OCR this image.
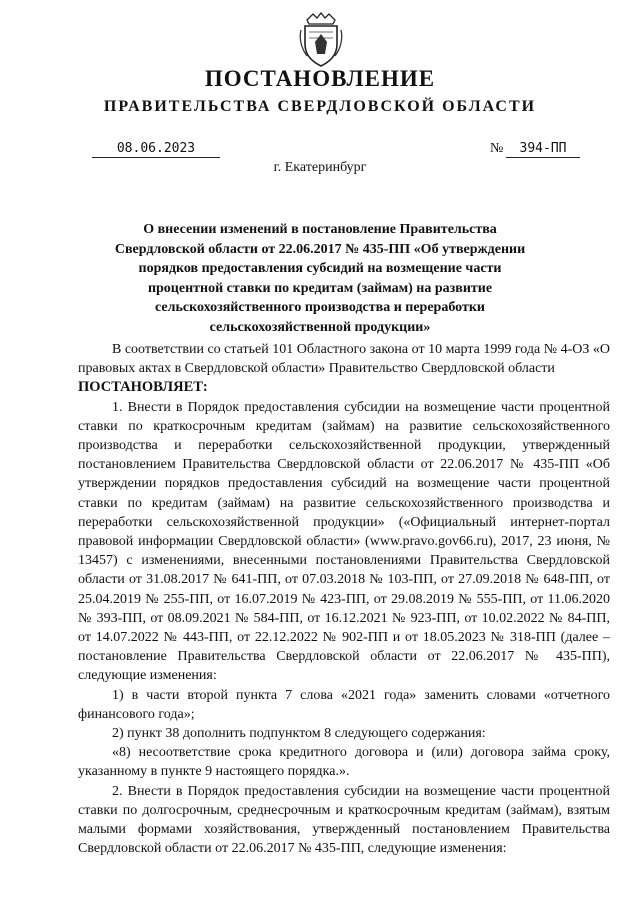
ПОСТАНОВЛЕНИЕ
ПРАВИТЕЛЬСТВА СВЕРДЛОВСКОЙ ОБЛАСТИ
08.06.2023	№	394-ПП
г. Екатеринбург
О внесении изменений в постановление Правительства Свердловской области от 22.06.2017 № 435-ПП «Об утверждении порядков предоставления субсидий на возмещение части процентной ставки по кредитам (займам) на развитие сельскохозяйственного производства и переработки сельскохозяйственной продукции»

В соответствии со статьей 101 Областного закона от 10 марта 1999 года № 4-ОЗ «О правовых актах в Свердловской области» Правительство Свердловской области

ПОСТАНОВЛЯЕТ:

1. Внести в Порядок предоставления субсидии на возмещение части процентной ставки по краткосрочным кредитам (займам) на развитие сельскохозяйственного производства и переработки сельскохозяйственной продукции, утвержденный постановлением Правительства Свердловской области от 22.06.2017 № 435-ПП «Об утверждении порядков предоставления субсидий на возмещение части процентной ставки по кредитам (займам) на развитие сельскохозяйственного производства и переработки сельскохозяйственной продукции» («Официальный интернет-портал правовой информации Свердловской области» (www.pravo.gov66.ru), 2017, 23 июня, № 13457) с изменениями, внесенными постановлениями Правительства Свердловской области от 31.08.2017 № 641-ПП, от 07.03.2018 № 103-ПП, от 27.09.2018 № 648-ПП, от 25.04.2019 № 255-ПП, от 16.07.2019 № 423-ПП, от 29.08.2019 № 555-ПП, от 11.06.2020 № 393-ПП, от 08.09.2021 № 584-ПП, от 16.12.2021 № 923-ПП, от 10.02.2022 № 84-ПП, от 14.07.2022 № 443-ПП, от 22.12.2022 № 902-ПП и от 18.05.2023 № 318-ПП (далее – постановление Правительства Свердловской области от 22.06.2017 № 435-ПП), следующие изменения:

1) в части второй пункта 7 слова «2021 года» заменить словами «отчетного финансового года»;

2) пункт 38 дополнить подпунктом 8 следующего содержания:

«8) несоответствие срока кредитного договора и (или) договора займа сроку, указанному в пункте 9 настоящего порядка.».

2. Внести в Порядок предоставления субсидии на возмещение части процентной ставки по долгосрочным, среднесрочным и краткосрочным кредитам (займам), взятым малыми формами хозяйствования, утвержденный постановлением Правительства Свердловской области от 22.06.2017 № 435-ПП, следующие изменения:
